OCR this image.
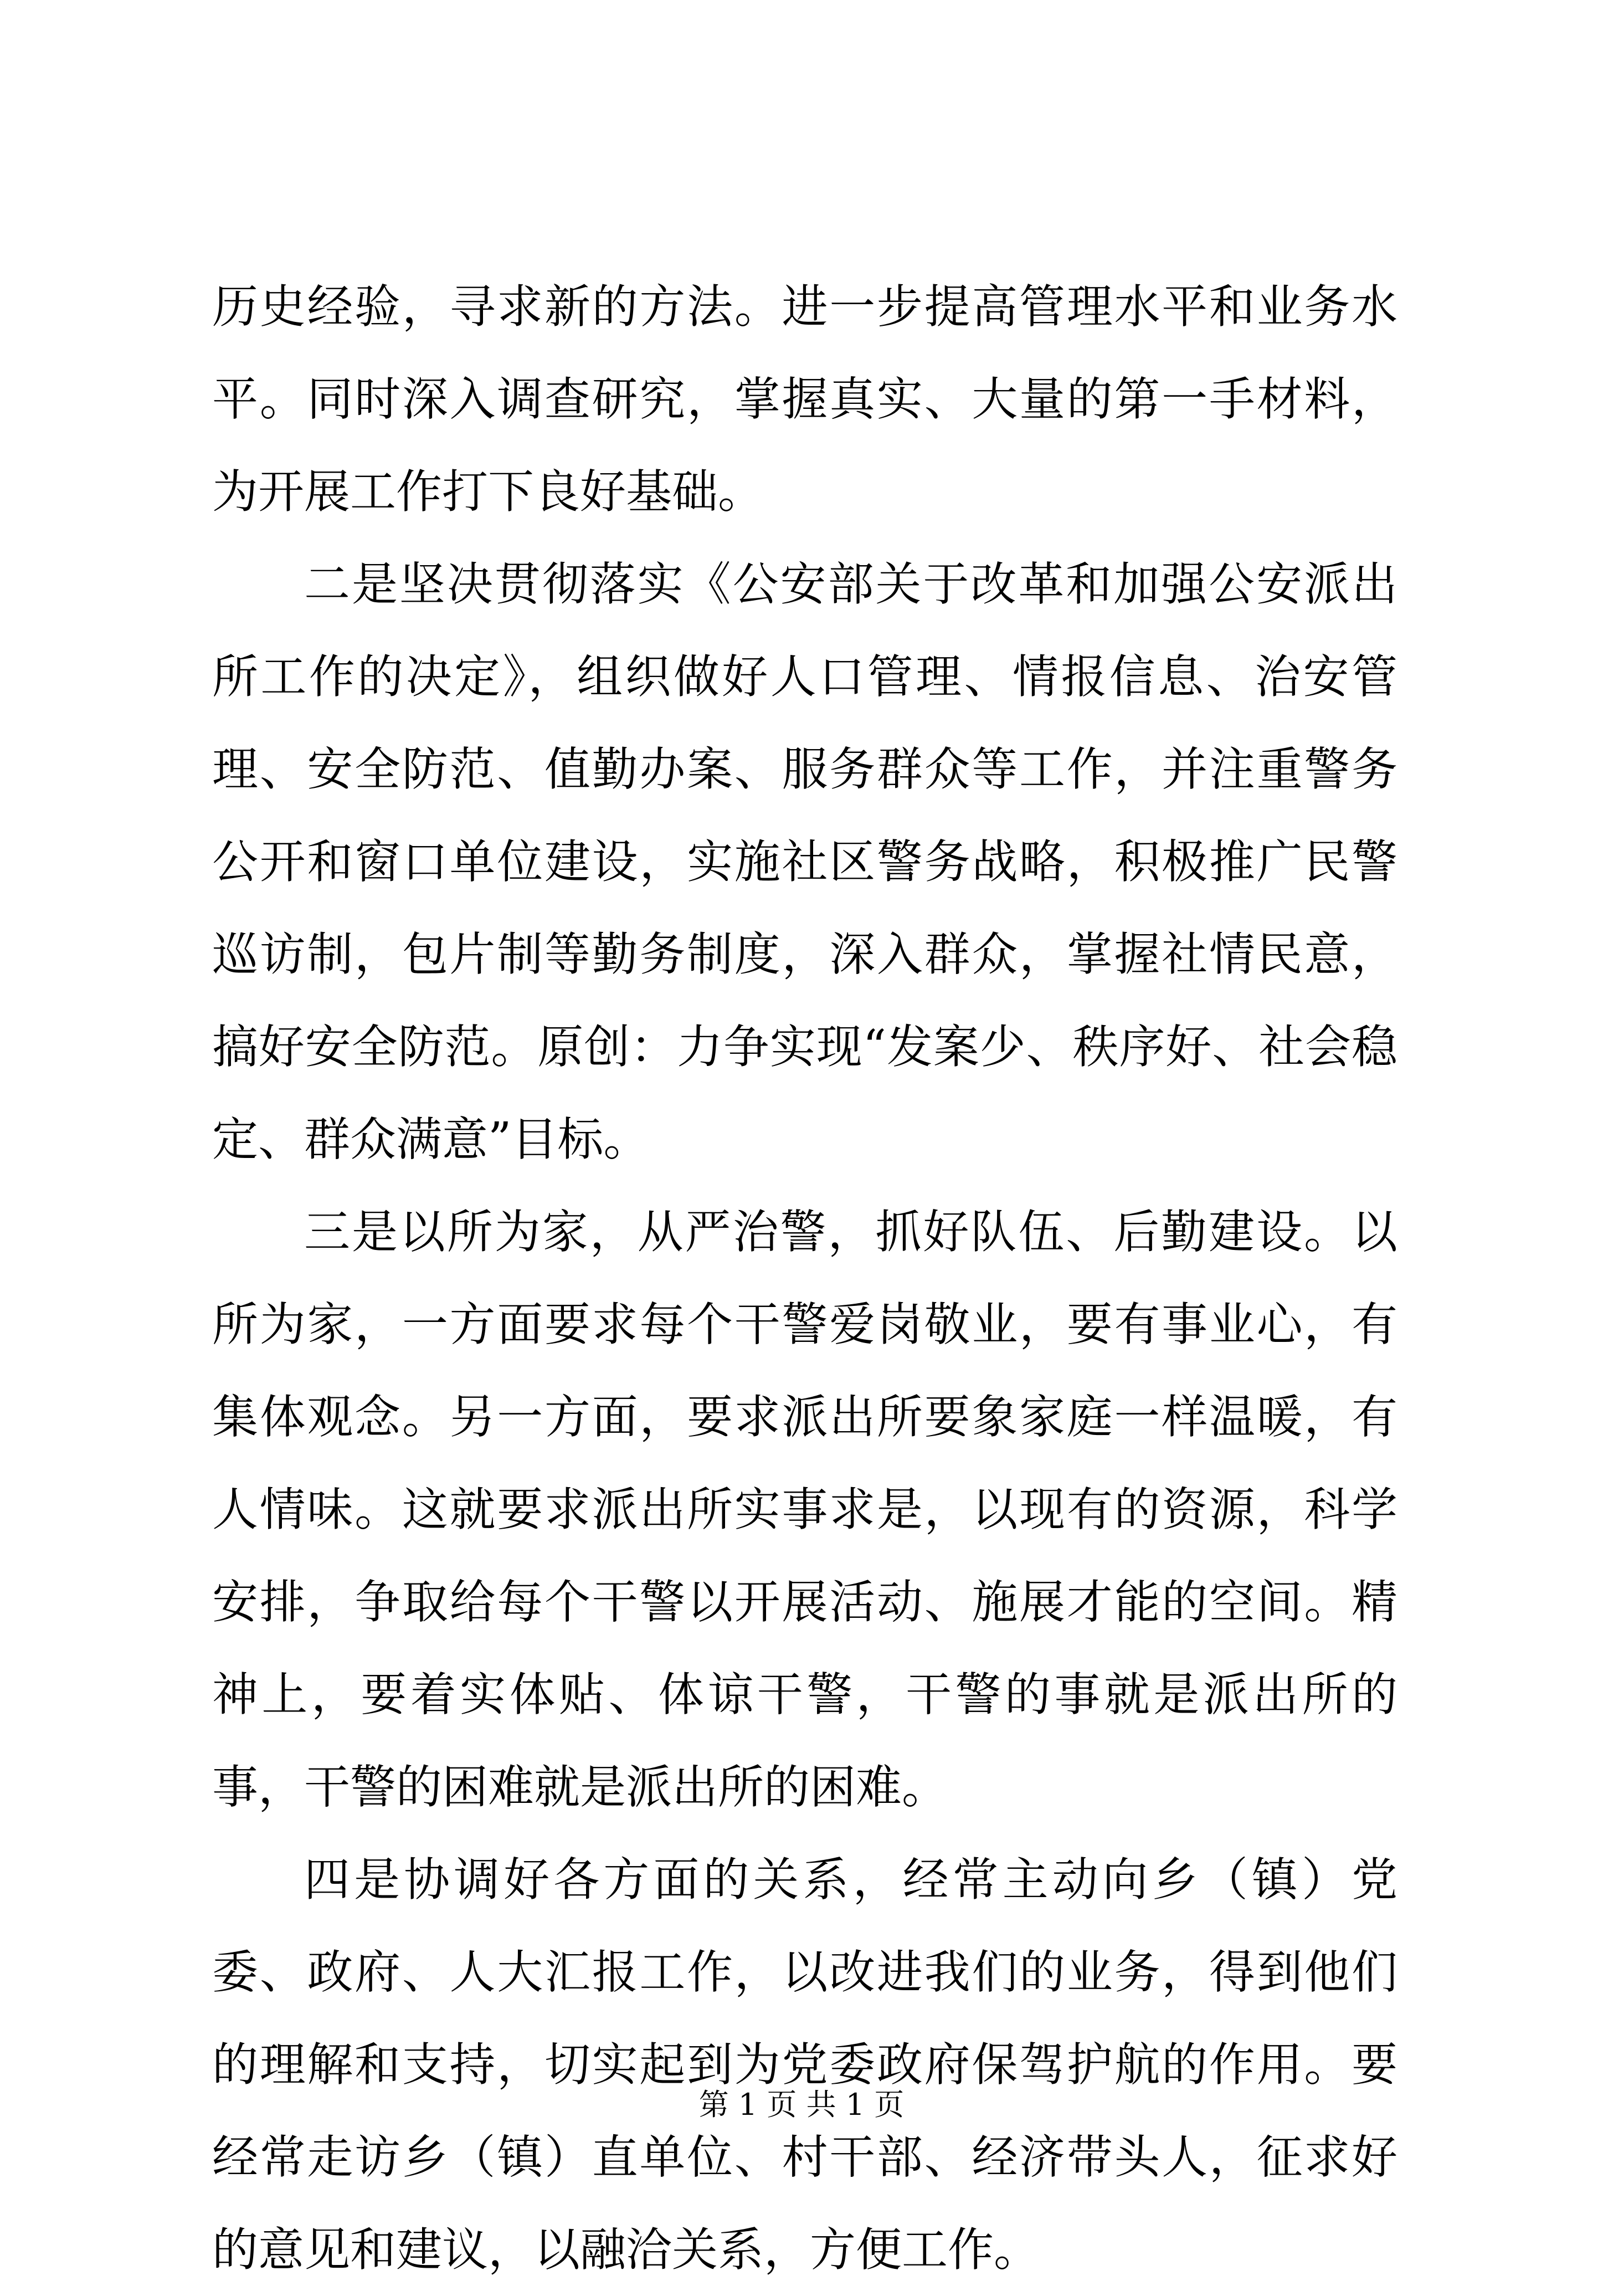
历史经验，寻求新的方法。进一步提高管理水平和业务水平。同时深入调查研究，掌握真实、大量的第一手材料，为开展工作打下良好基础。

二是坚决贯彻落实《公安部关于改革和加强公安派出所工作的决定》，组织做好人口管理、情报信息、治安管理、安全防范、值勤办案、服务群众等工作，并注重警务公开和窗口单位建设，实施社区警务战略，积极推广民警巡访制，包片制等勤务制度，深入群众，掌握社情民意，搞好安全防范。原创：力争实现“发案少、秩序好、社会稳定、群众满意”目标。

三是以所为家，从严治警，抓好队伍、后勤建设。以所为家，一方面要求每个干警爱岗敬业，要有事业心，有集体观念。另一方面，要求派出所要象家庭一样温暖，有人情味。这就要求派出所实事求是，以现有的资源，科学安排，争取给每个干警以开展活动、施展才能的空间。精神上，要着实体贴、体谅干警，干警的事就是派出所的事，干警的困难就是派出所的困难。

四是协调好各方面的关系，经常主动向乡（镇）党委、政府、人大汇报工作，以改进我们的业务，得到他们的理解和支持，切实起到为党委政府保驾护航的作用。要经常走访乡（镇）直单位、村干部、经济带头人，征求好的意见和建议，以融洽关系，方便工作。

第 1 页 共 1 页
